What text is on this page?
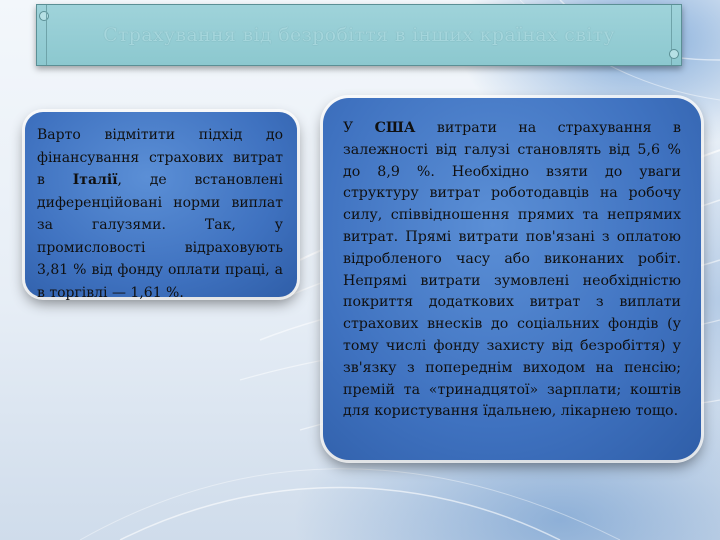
Страхування від безробіття в інших країнах світу

Варто відмітити підхід до фінансування страхових витрат в Італії, де встановлені диференційовані норми виплат за галузями. Так, у промисловості відраховують 3,81 % від фонду оплати праці, а в торгівлі — 1,61 %.

У США витрати на страхування в залежності від галузі становлять від 5,6 % до 8,9 %. Необхідно взяти до уваги структуру витрат роботодавців на робочу силу, співвідношення прямих та непрямих витрат. Прямі витрати пов'язані з оплатою відробленого часу або виконаних робіт. Непрямі витрати зумовлені необхідністю покриття додаткових витрат з виплати страхових внесків до соціальних фондів (у тому числі фонду захисту від безробіття) у зв'язку з попереднім виходом на пенсію; премій та «тринадцятої» зарплати; коштів для користування їдальнею, лікарнею тощо.
